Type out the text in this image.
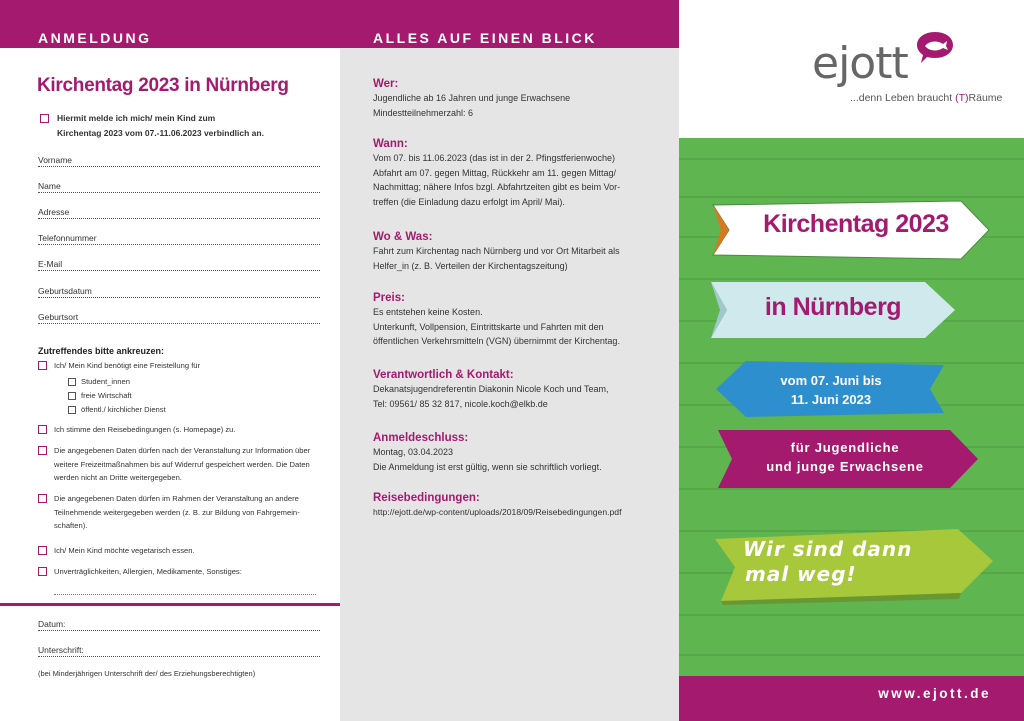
ANMELDUNG
Kirchentag 2023 in Nürnberg
Hiermit melde ich mich/ mein Kind zum
Kirchentag 2023 vom 07.-11.06.2023 verbindlich an.
Vorname
Name
Adresse
Telefonnummer
E-Mail
Geburtsdatum
Geburtsort
Zutreffendes bitte ankreuzen:
Ich/ Mein Kind benötigt eine Freistellung für
Student_innen
freie Wirtschaft
öffentl./ kirchlicher Dienst
Ich stimme den Reisebedingungen (s. Homepage) zu.
Die angegebenen Daten dürfen nach der Veranstaltung zur Information über weitere Freizeitmaßnahmen bis auf Widerruf gespeichert werden. Die Daten werden nicht an Dritte weitergegeben.
Die angegebenen Daten dürfen im Rahmen der Veranstaltung an andere Teilnehmende weitergegeben werden (z. B. zur Bildung von Fahrgemein-schaften).
Ich/ Mein Kind möchte vegetarisch essen.
Unverträglichkeiten, Allergien, Medikamente, Sonstiges:
Datum:
Unterschrift:
(bei Minderjährigen Unterschrift der/ des Erziehungsberechtigten)
ALLES AUF EINEN BLICK
Wer:
Jugendliche ab 16 Jahren und junge Erwachsene
Mindestteilnehmerzahl: 6
Wann:
Vom 07. bis 11.06.2023 (das ist in der 2. Pfingstferienwoche)
Abfahrt am 07. gegen Mittag, Rückkehr am 11. gegen Mittag/
Nachmittag; nähere Infos bzgl. Abfahrtzeiten gibt es beim Vor-
treffen (die Einladung dazu erfolgt im April/ Mai).
Wo & Was:
Fahrt zum Kirchentag nach Nürnberg und vor Ort Mitarbeit als
Helfer_in (z. B. Verteilen der Kirchentagszeitung)
Preis:
Es entstehen keine Kosten.
Unterkunft, Vollpension, Eintrittskarte und Fahrten mit den
öffentlichen Verkehrsmitteln (VGN) übernimmt der Kirchentag.
Verantwortlich & Kontakt:
Dekanatsjugendreferentin Diakonin Nicole Koch und Team,
Tel: 09561/ 85 32 817, nicole.koch@elkb.de
Anmeldeschluss:
Montag, 03.04.2023
Die Anmeldung ist erst gültig, wenn sie schriftlich vorliegt.
Reisebedingungen:
http://ejott.de/wp-content/uploads/2018/09/Reisebedingungen.pdf
ejott
...denn Leben braucht (T)Räume
Kirchentag 2023
in Nürnberg
vom 07. Juni bis
11. Juni 2023
für Jugendliche
und junge Erwachsene
Wir sind dann
mal weg!
www.ejott.de
